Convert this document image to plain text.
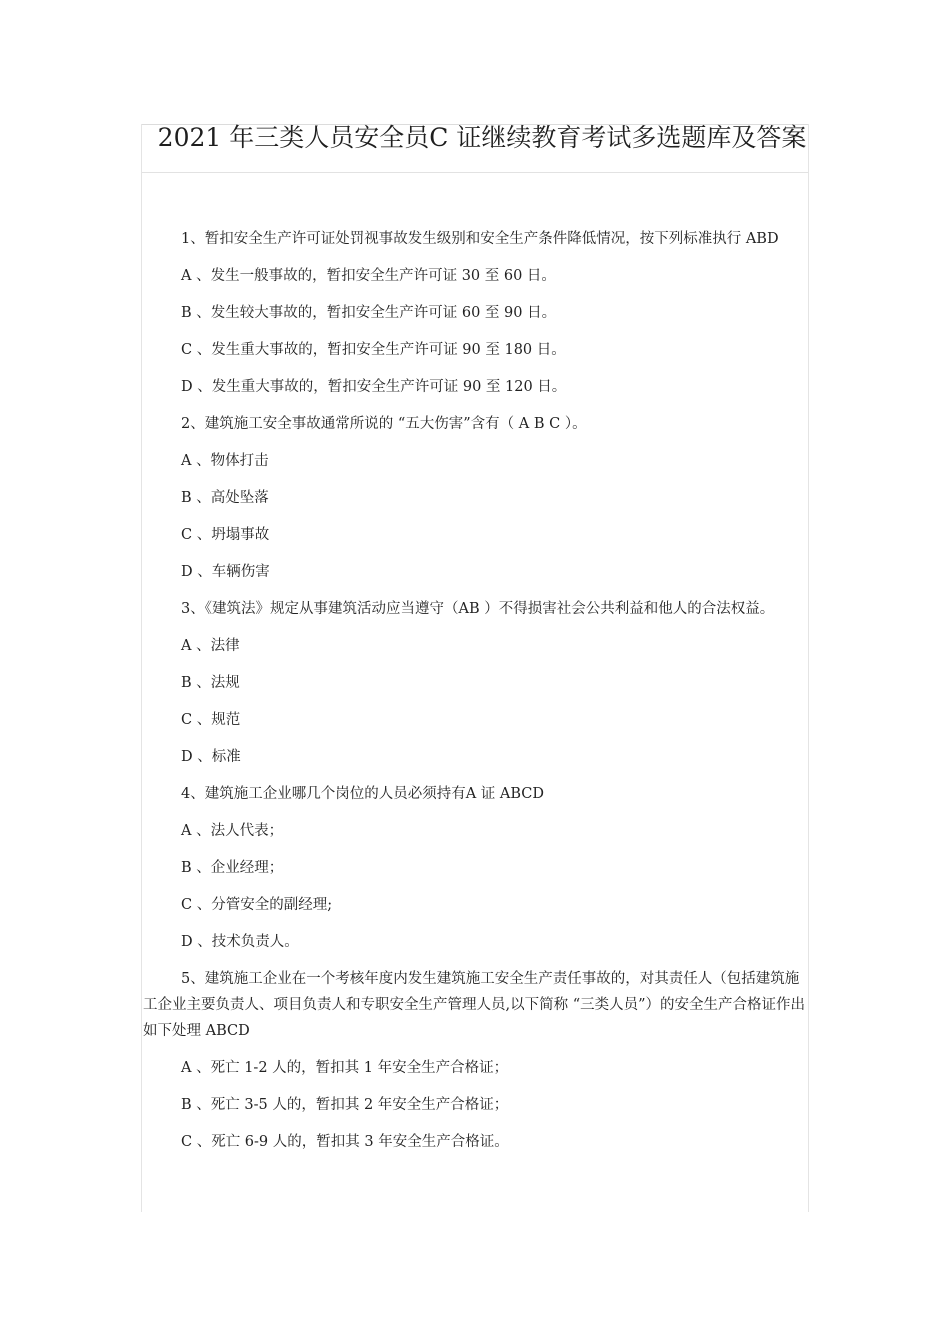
2021 年三类人员安全员C 证继续教育考试多选题库及答案

1、暂扣安全生产许可证处罚视事故发生级别和安全生产条件降低情况，按下列标准执行 ABD

A 、发生一般事故的，暂扣安全生产许可证 30 至 60 日。

B 、发生较大事故的，暂扣安全生产许可证 60 至 90 日。

C 、发生重大事故的，暂扣安全生产许可证 90 至 180 日。

D 、发生重大事故的，暂扣安全生产许可证 90 至 120 日。

2、建筑施工安全事故通常所说的 “五大伤害”含有（ A B C ）。

A 、物体打击

B 、高处坠落

C 、坍塌事故

D 、车辆伤害

3、《建筑法》规定从事建筑活动应当遵守（AB ）不得损害社会公共利益和他人的合法权益。

A 、法律

B 、法规

C 、规范

D 、标准

4、建筑施工企业哪几个岗位的人员必须持有A 证 ABCD

A 、法人代表；

B 、企业经理；

C 、分管安全的副经理;

D 、技术负责人。

5、建筑施工企业在一个考核年度内发生建筑施工安全生产责任事故的，对其责任人（包括建筑施工企业主要负责人、项目负责人和专职安全生产管理人员,以下简称 “三类人员”）的安全生产合格证作出如下处理 ABCD

A 、死亡 1-2 人的，暂扣其 1 年安全生产合格证；

B 、死亡 3-5 人的，暂扣其 2 年安全生产合格证；

C 、死亡 6-9 人的，暂扣其 3 年安全生产合格证。
